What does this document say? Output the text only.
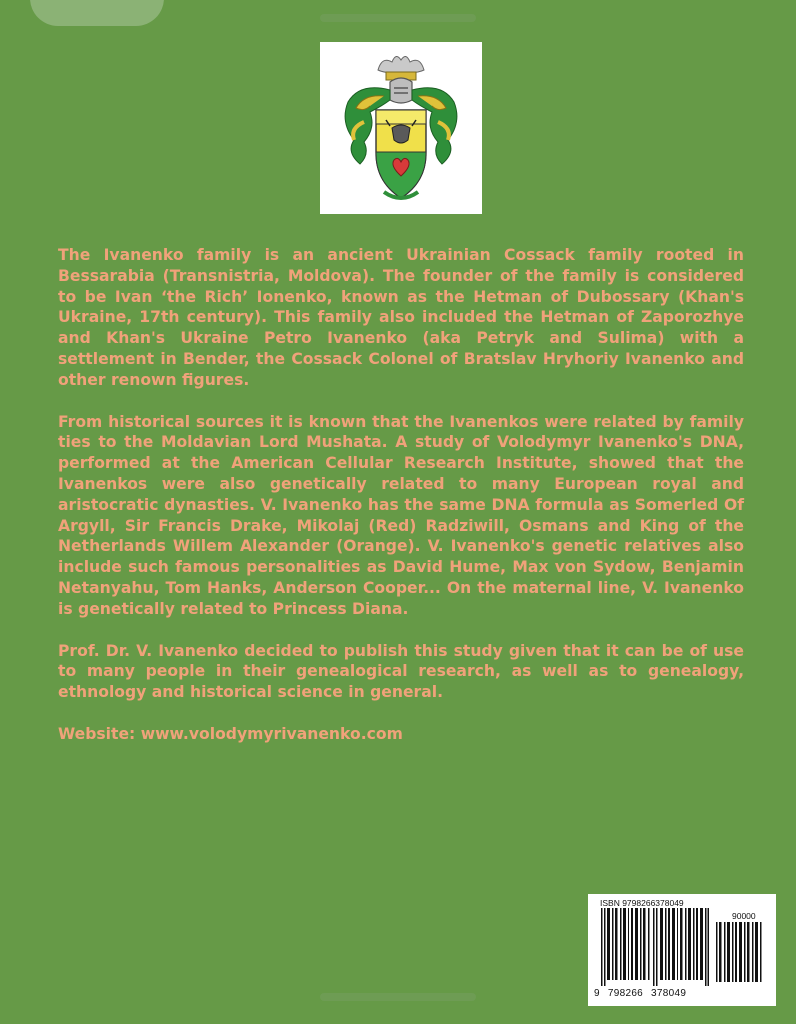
The Ivanenko family is an ancient Ukrainian Cossack family rooted in Bessarabia (Transnistria, Moldova). The founder of the family is considered to be Ivan ‘the Rich’ Ionenko, known as the Hetman of Dubossary (Khan's Ukraine, 17th century). This family also included the Hetman of Zaporozhye and Khan's Ukraine Petro Ivanenko (aka Petryk and Sulima) with a settlement in Bender, the Cossack Colonel of Bratslav Hryhoriy Ivanenko and other renown figures.

From historical sources it is known that the Ivanenkos were related by family ties to the Moldavian Lord Mushata. A study of Volodymyr Ivanenko's DNA, performed at the American Cellular Research Institute, showed that the Ivanenkos were also genetically related to many European royal and aristocratic dynasties. V. Ivanenko has the same DNA formula as Somerled Of Argyll, Sir Francis Drake, Mikolaj (Red) Radziwill, Osmans and King of the Netherlands Willem Alexander (Orange). V. Ivanenko's genetic relatives also include such famous personalities as David Hume, Max von Sydow, Benjamin Netanyahu, Tom Hanks, Anderson Cooper... On the maternal line, V. Ivanenko is genetically related to Princess Diana.

Prof. Dr. V. Ivanenko decided to publish this study given that it can be of use to many people in their genealogical research, as well as to genealogy, ethnology and historical science in general.

Website: www.volodymyrivanenko.com

ISBN 9798266378049
90000
9 798266 378049
